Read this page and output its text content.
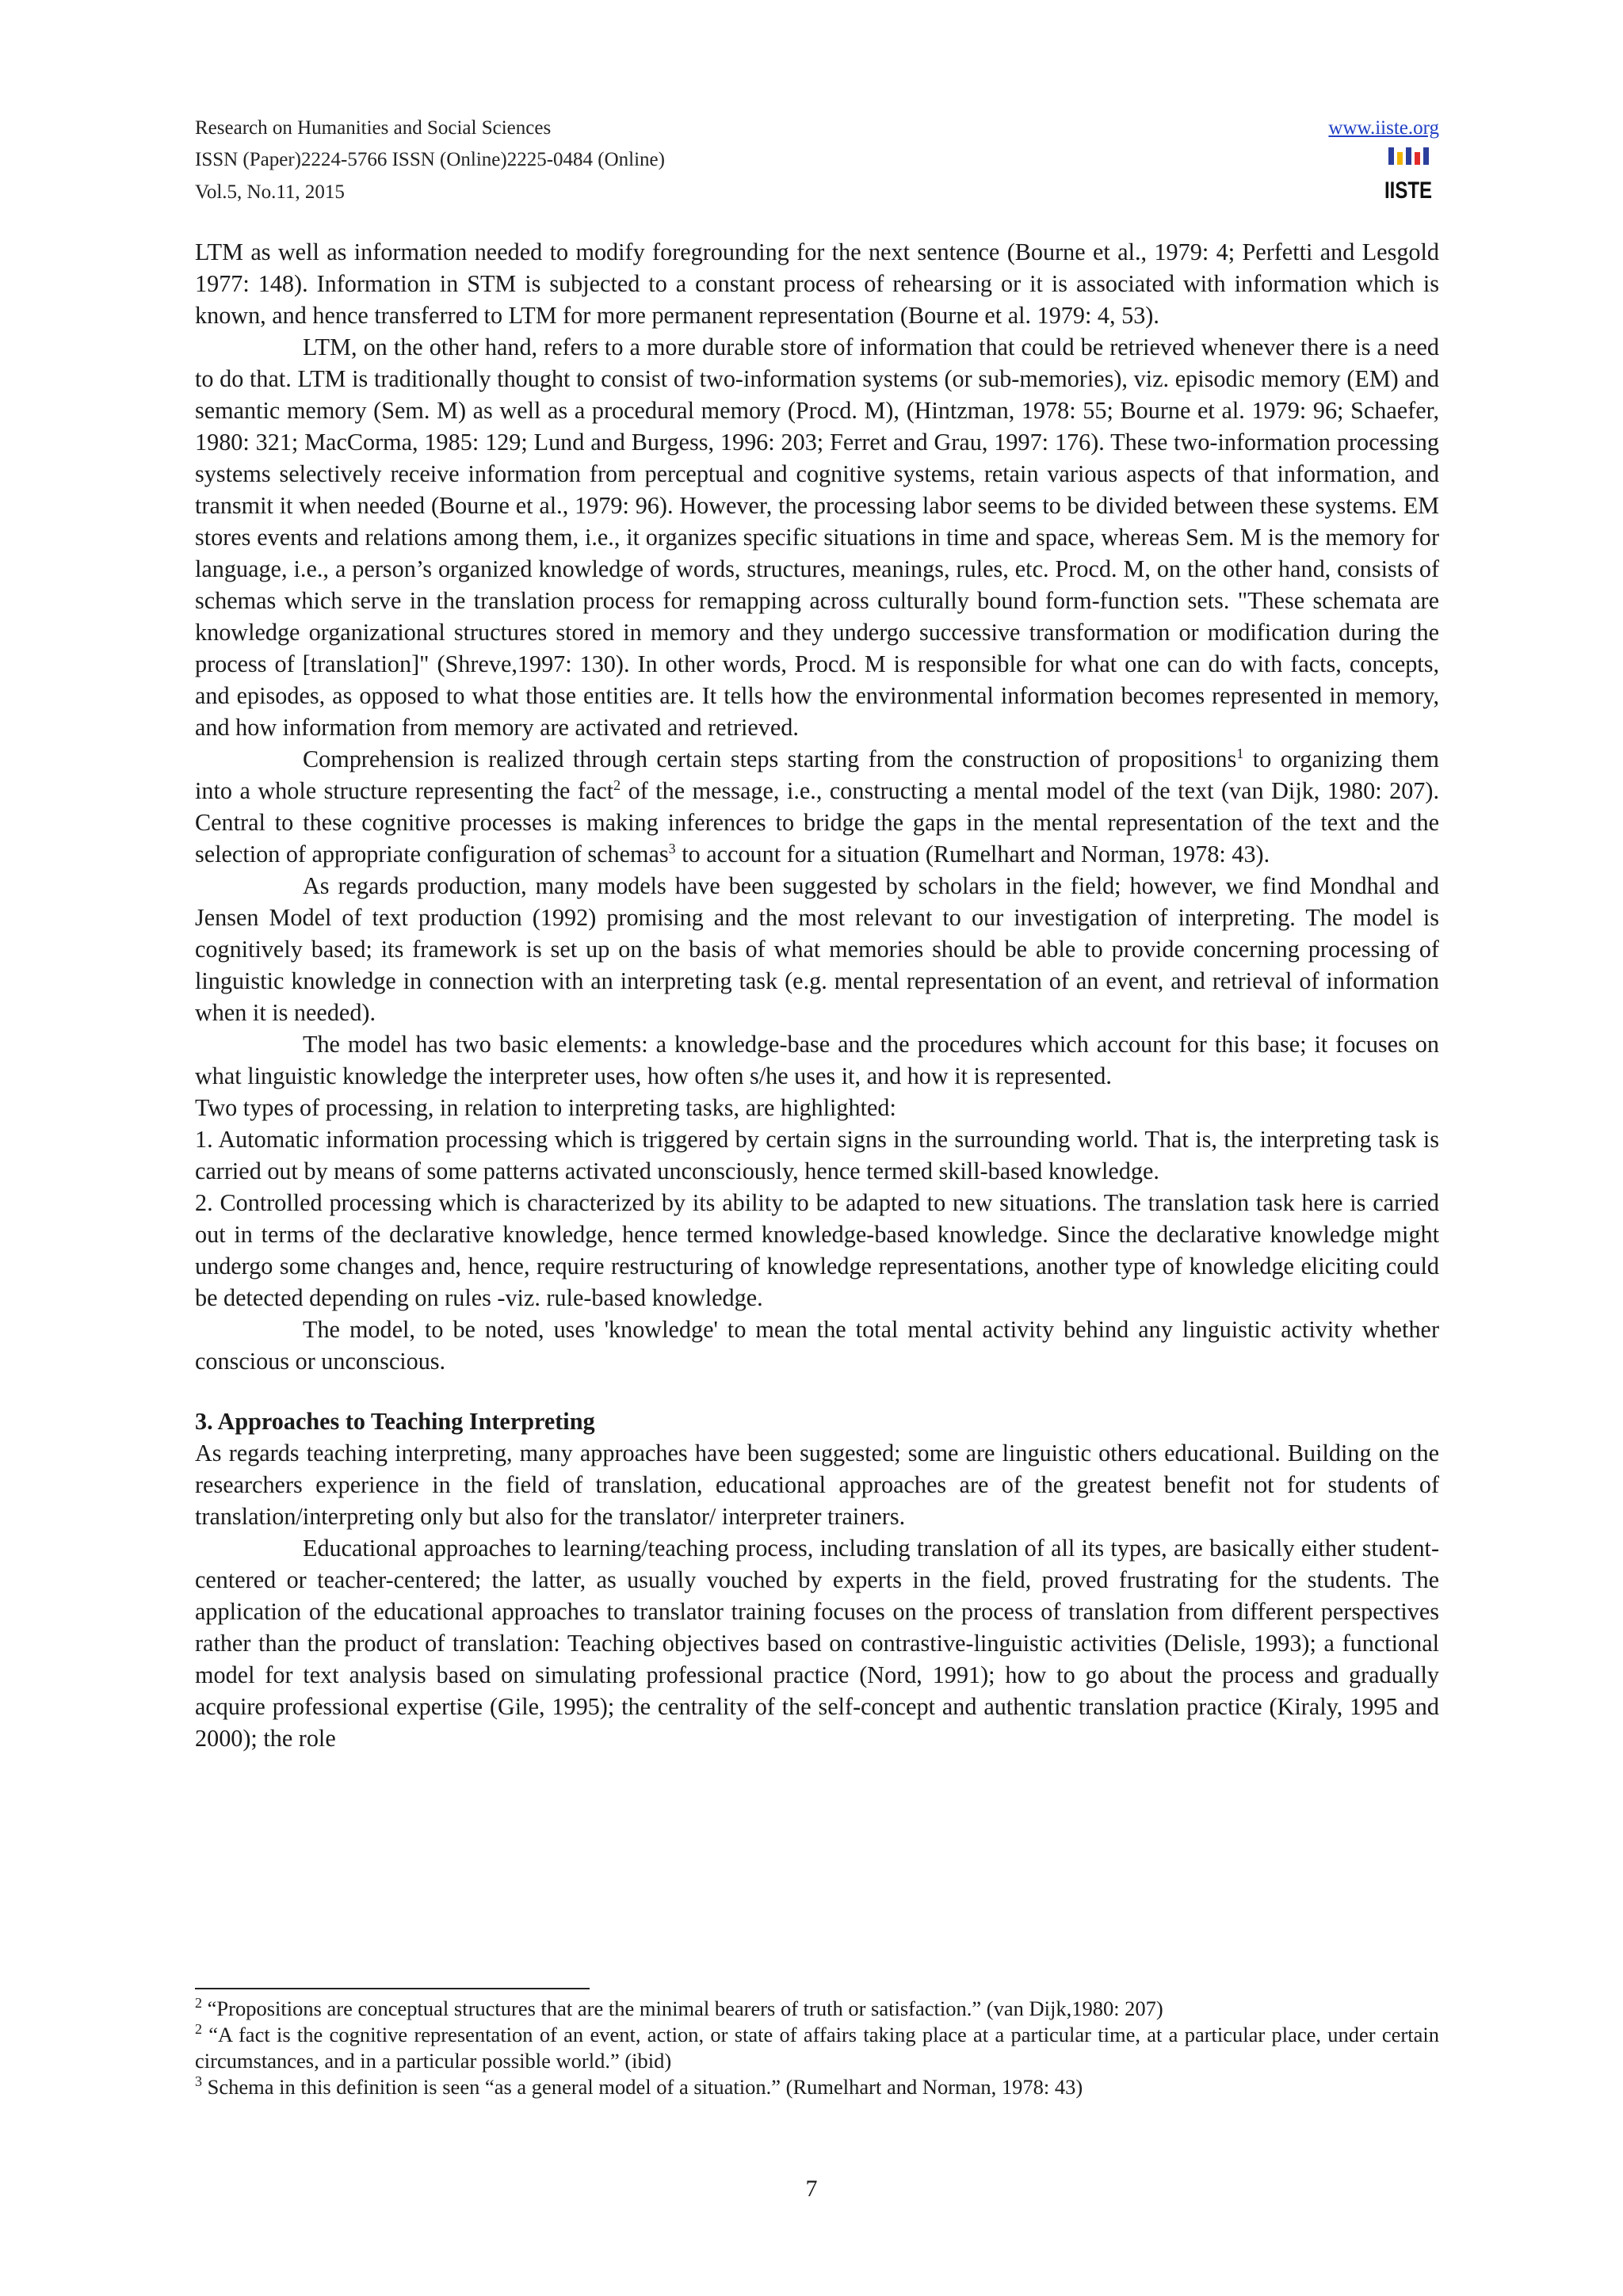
Research on Humanities and Social Sciences
ISSN (Paper)2224-5766 ISSN (Online)2225-0484 (Online)
Vol.5, No.11, 2015
www.iiste.org
IISTE

LTM as well as information needed to modify foregrounding for the next sentence (Bourne et al., 1979: 4; Perfetti and Lesgold 1977: 148). Information in STM is subjected to a constant process of rehearsing or it is associated with information which is known, and hence transferred to LTM for more permanent representation (Bourne et al. 1979: 4, 53).

LTM, on the other hand, refers to a more durable store of information that could be retrieved whenever there is a need to do that. LTM is traditionally thought to consist of two-information systems (or sub-memories), viz. episodic memory (EM) and semantic memory (Sem. M) as well as a procedural memory (Procd. M), (Hintzman, 1978: 55; Bourne et al. 1979: 96; Schaefer, 1980: 321; MacCorma, 1985: 129; Lund and Burgess, 1996: 203; Ferret and Grau, 1997: 176). These two-information processing systems selectively receive information from perceptual and cognitive systems, retain various aspects of that information, and transmit it when needed (Bourne et al., 1979: 96). However, the processing labor seems to be divided between these systems. EM stores events and relations among them, i.e., it organizes specific situations in time and space, whereas Sem. M is the memory for language, i.e., a person’s organized knowledge of words, structures, meanings, rules, etc. Procd. M, on the other hand, consists of schemas which serve in the translation process for remapping across culturally bound form-function sets. "These schemata are knowledge organizational structures stored in memory and they undergo successive transformation or modification during the process of [translation]" (Shreve,1997: 130). In other words, Procd. M is responsible for what one can do with facts, concepts, and episodes, as opposed to what those entities are. It tells how the environmental information becomes represented in memory, and how information from memory are activated and retrieved.

Comprehension is realized through certain steps starting from the construction of propositions$^1$ to organizing them into a whole structure representing the fact$^2$ of the message, i.e., constructing a mental model of the text (van Dijk, 1980: 207). Central to these cognitive processes is making inferences to bridge the gaps in the mental representation of the text and the selection of appropriate configuration of schemas$^3$ to account for a situation (Rumelhart and Norman, 1978: 43).

As regards production, many models have been suggested by scholars in the field; however, we find Mondhal and Jensen Model of text production (1992) promising and the most relevant to our investigation of interpreting. The model is cognitively based; its framework is set up on the basis of what memories should be able to provide concerning processing of linguistic knowledge in connection with an interpreting task (e.g. mental representation of an event, and retrieval of information when it is needed).

The model has two basic elements: a knowledge-base and the procedures which account for this base; it focuses on what linguistic knowledge the interpreter uses, how often s/he uses it, and how it is represented.

Two types of processing, in relation to interpreting tasks, are highlighted:

1. Automatic information processing which is triggered by certain signs in the surrounding world. That is, the interpreting task is carried out by means of some patterns activated unconsciously, hence termed skill-based knowledge.

2. Controlled processing which is characterized by its ability to be adapted to new situations. The translation task here is carried out in terms of the declarative knowledge, hence termed knowledge-based knowledge. Since the declarative knowledge might undergo some changes and, hence, require restructuring of knowledge representations, another type of knowledge eliciting could be detected depending on rules -viz. rule-based knowledge.

The model, to be noted, uses 'knowledge' to mean the total mental activity behind any linguistic activity whether conscious or unconscious.

3. Approaches to Teaching Interpreting

As regards teaching interpreting, many approaches have been suggested; some are linguistic others educational. Building on the researchers experience in the field of translation, educational approaches are of the greatest benefit not for students of translation/interpreting only but also for the translator/ interpreter trainers.

Educational approaches to learning/teaching process, including translation of all its types, are basically either student-centered or teacher-centered; the latter, as usually vouched by experts in the field, proved frustrating for the students. The application of the educational approaches to translator training focuses on the process of translation from different perspectives rather than the product of translation: Teaching objectives based on contrastive-linguistic activities (Delisle, 1993); a functional model for text analysis based on simulating professional practice (Nord, 1991); how to go about the process and gradually acquire professional expertise (Gile, 1995); the centrality of the self-concept and authentic translation practice (Kiraly, 1995 and 2000); the role

$^2$ “Propositions are conceptual structures that are the minimal bearers of truth or satisfaction.” (van Dijk,1980: 207)

$^2$ “A fact is the cognitive representation of an event, action, or state of affairs taking place at a particular time, at a particular place, under certain circumstances, and in a particular possible world.” (ibid)

$^3$ Schema in this definition is seen “as a general model of a situation.” (Rumelhart and Norman, 1978: 43)

7
